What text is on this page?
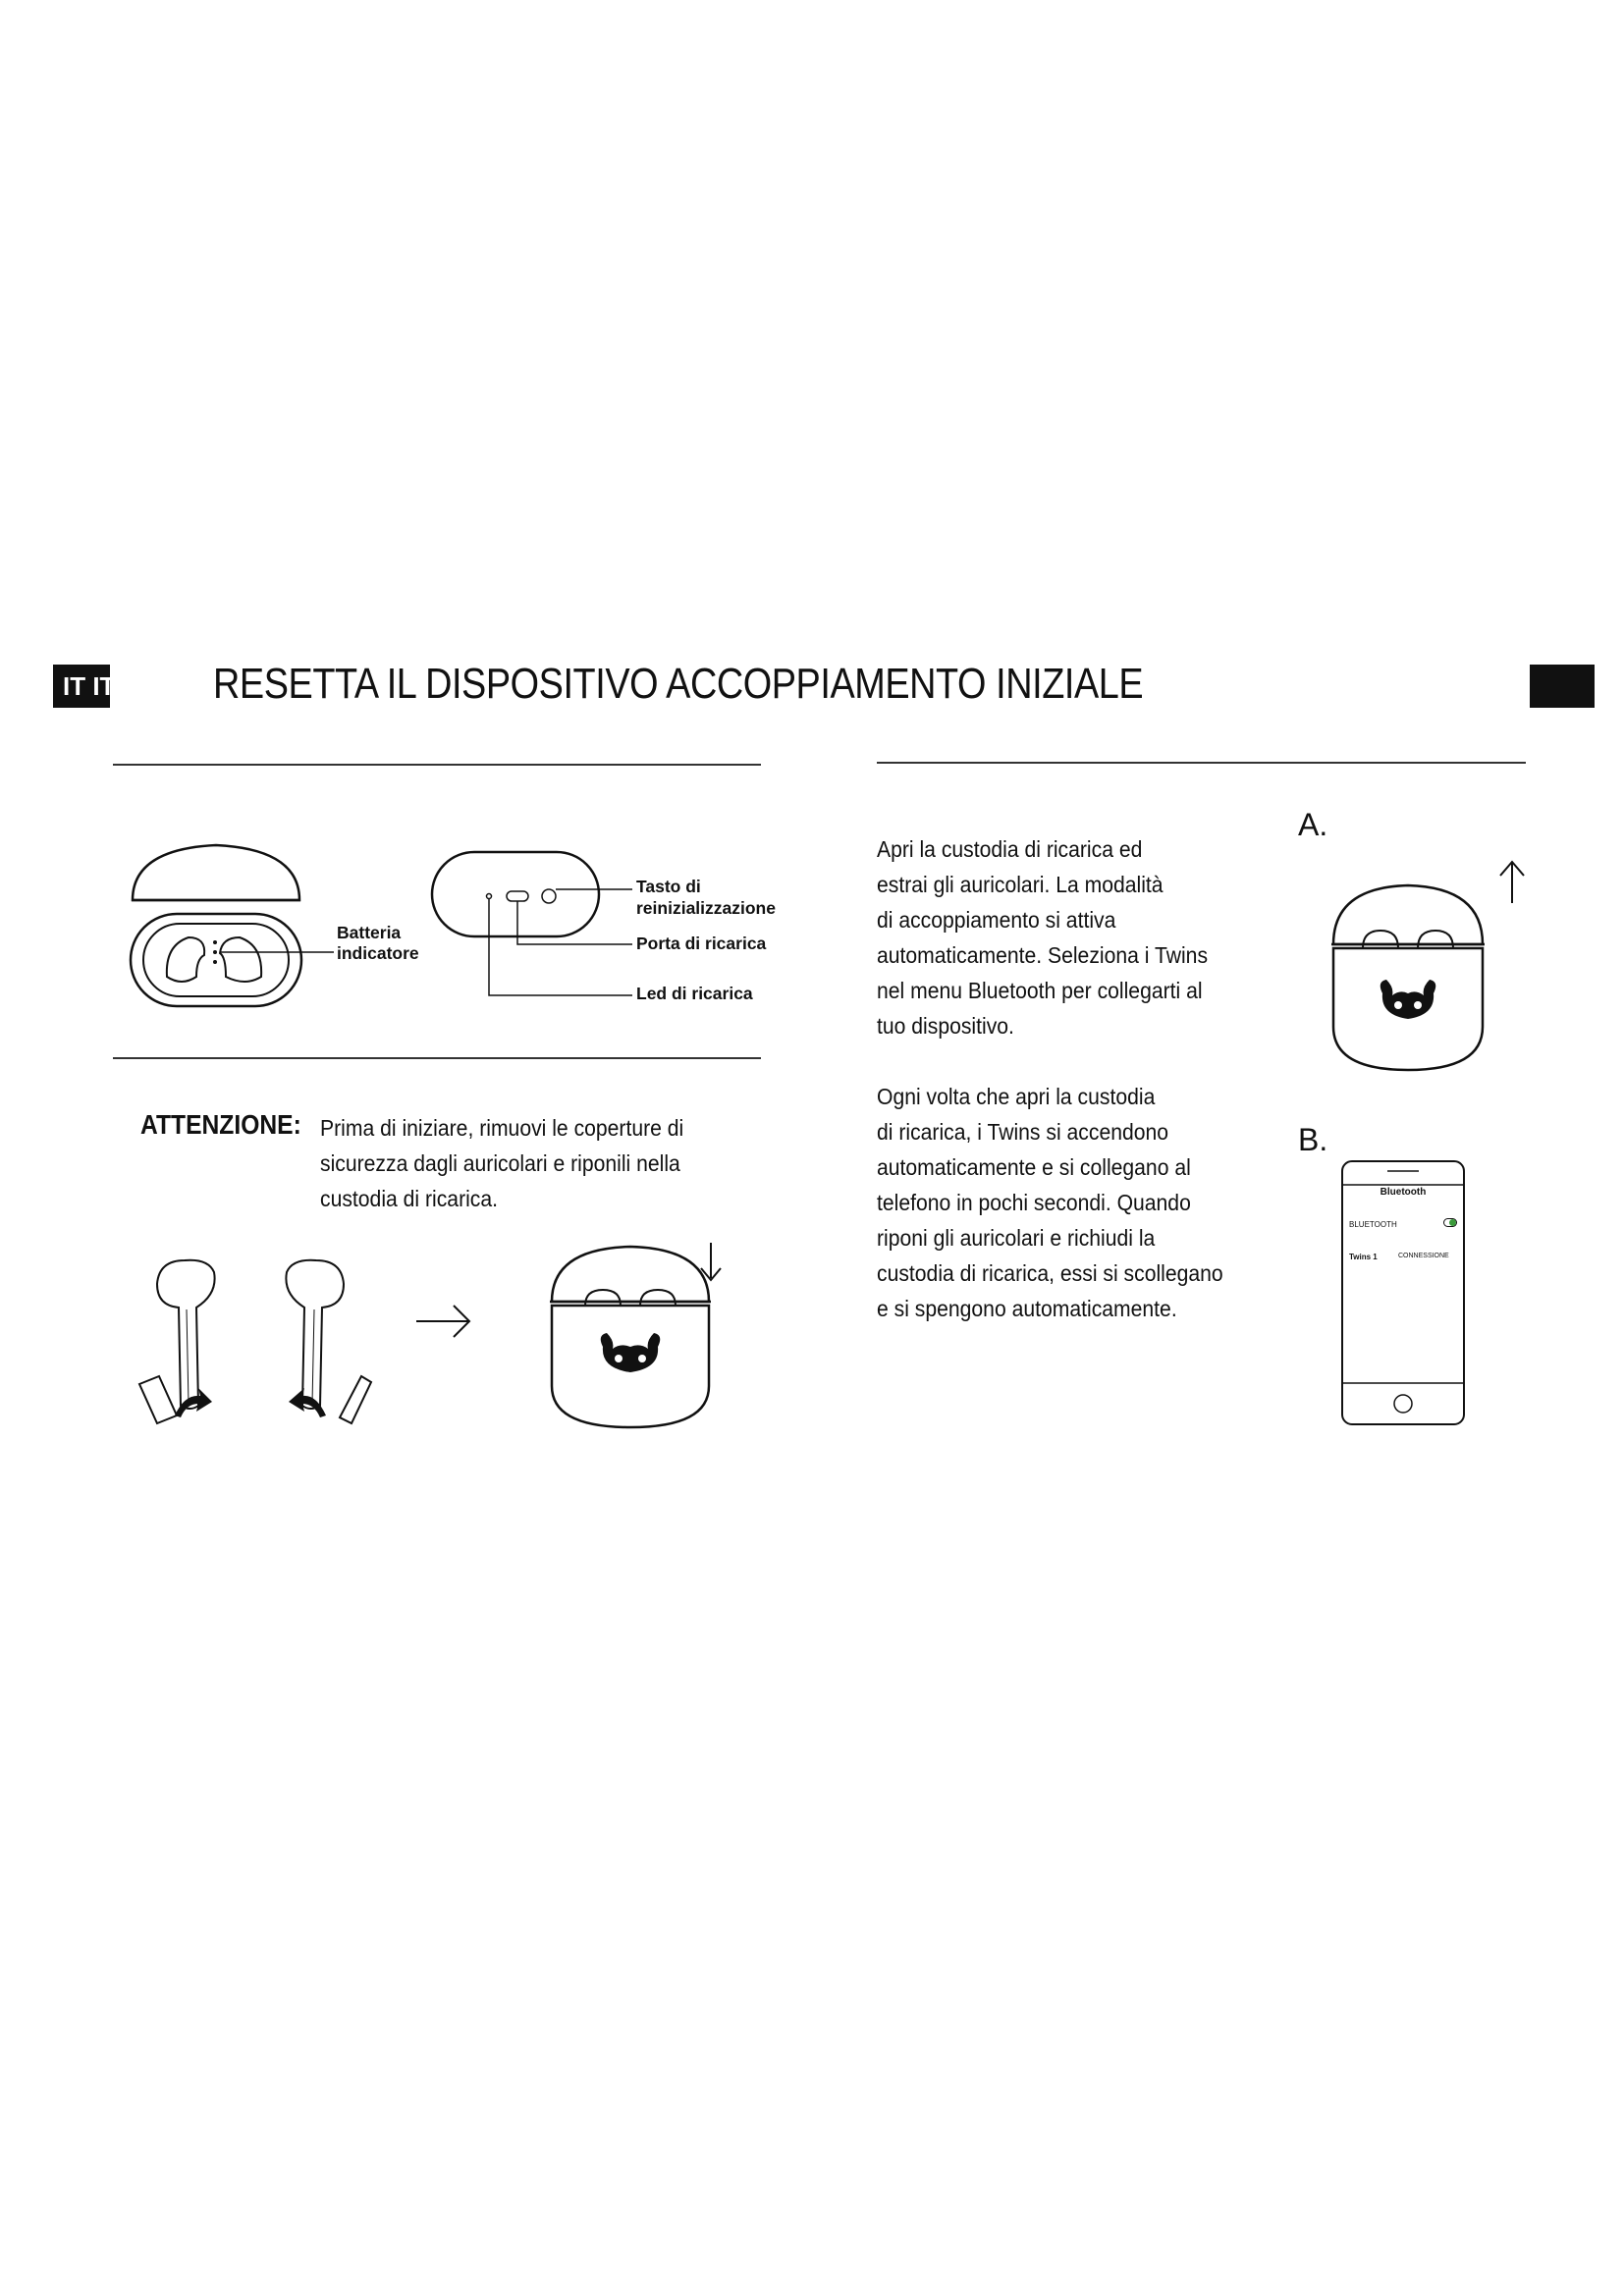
IT IT RESETTA IL DISPOSITIVO ACCOPPIAMENTO INIZIALE
Batteria
indicatore
Tasto di
reinizializzazione
Porta di ricarica
Led di ricarica
ATTENZIONE: Prima di iniziare, rimuovi le coperture di
sicurezza dagli auricolari e riponili nella
custodia di ricarica.
Apri la custodia di ricarica ed
estrai gli auricolari. La modalità
di accoppiamento si attiva
automaticamente. Seleziona i Twins
nel menu Bluetooth per collegarti al
tuo dispositivo.
Ogni volta che apri la custodia
di ricarica, i Twins si accendono
automaticamente e si collegano al
telefono in pochi secondi. Quando
riponi gli auricolari e richiudi la
custodia di ricarica, essi si scollegano
e si spengono automaticamente.
A.
B.
Bluetooth
BLUETOOTH
Twins 1	CONNESSIONE
